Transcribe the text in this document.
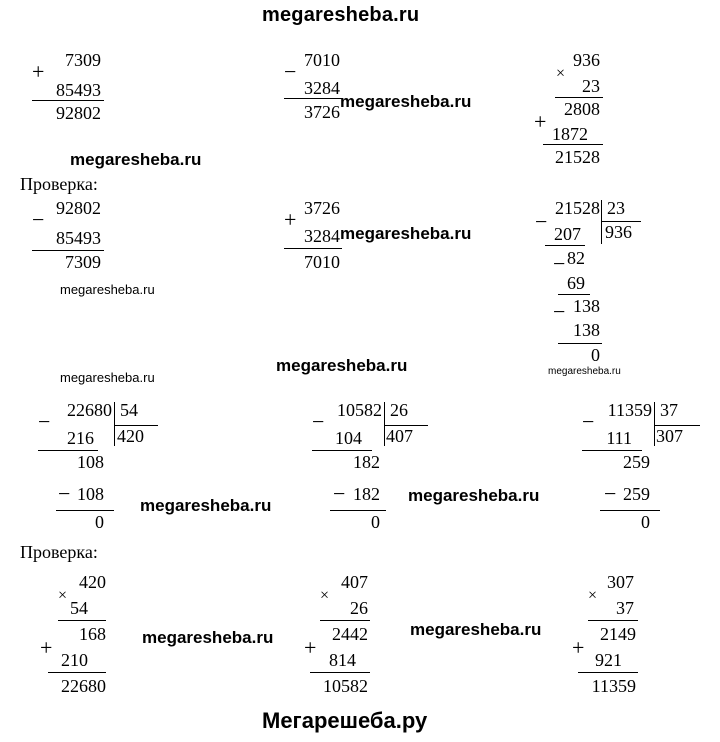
megaresheba.ru
+	7309
85493
92802
− 7010
3284
3726
megaresheba.ru
×
936
23
2808
+ 1872
21528
megaresheba.ru
Проверка:
− 92802
85493
7309
+ 3726
3284
7010
megaresheba.ru	−
21528 23
936
207
− 82
69
− 138
138
0
megaresheba.ru
megaresheba.ru
megaresheba.ru	megaresheba.ru
− 22680 54
420
216
108
− 108
0
megaresheba.ru
− 10582 26
407
104
182
− 182
0
megaresheba.ru
− 11359 37
307
111
259
− 259
0
Проверка:
×
420
54
168
+ 210
22680
megaresheba.ru
×
407
26
2442
+ 814
10582
megaresheba.ru
×
307
37
2149
+ 921
11359
Мегарешеба.ру
